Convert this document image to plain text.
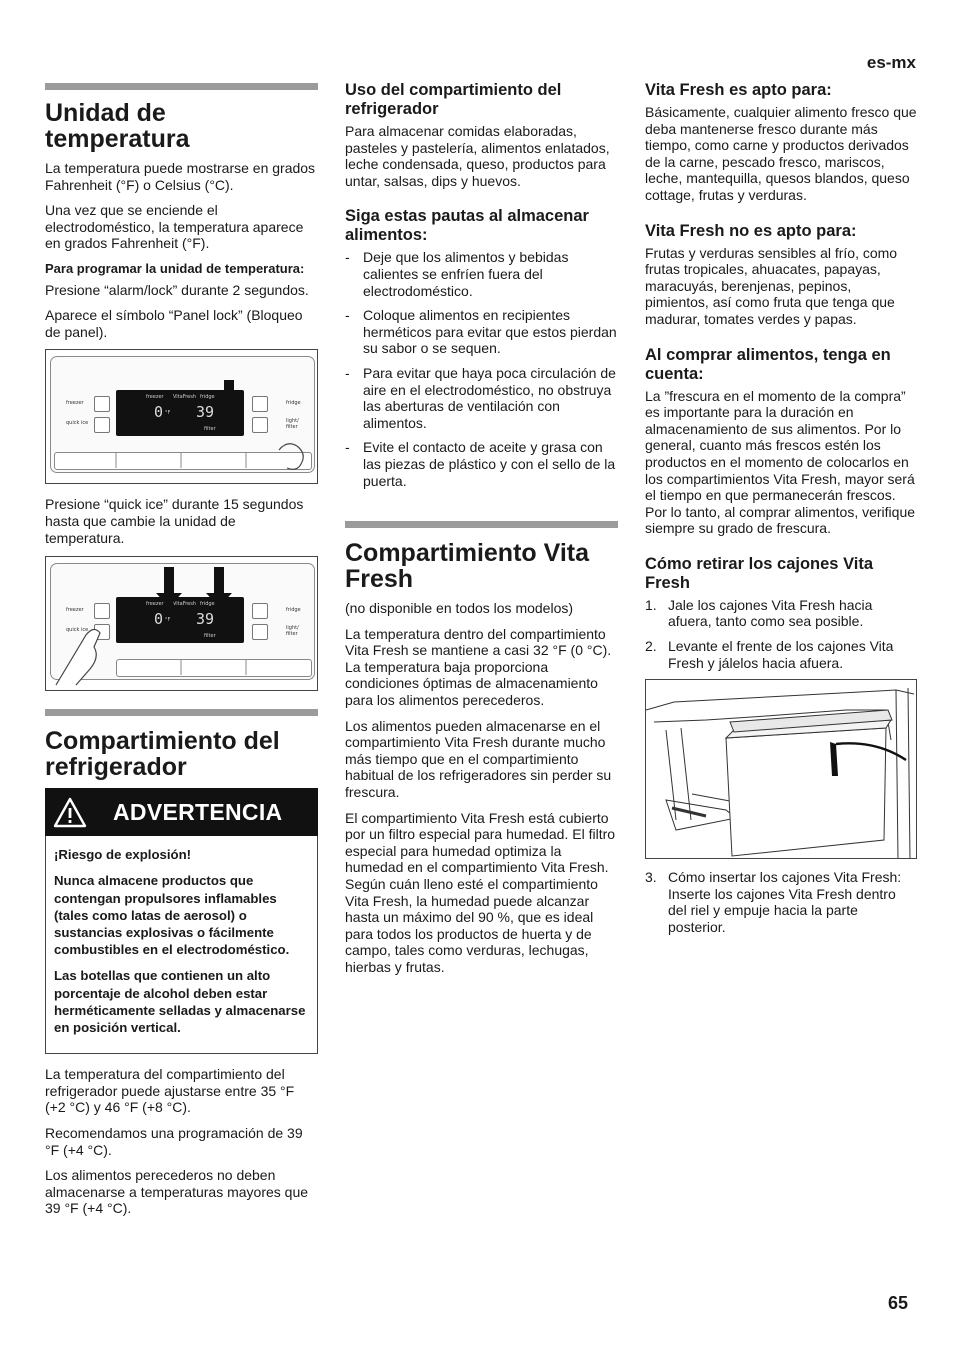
es-mx
Unidad de temperatura

La temperatura puede mostrarse en grados Fahrenheit (°F) o Celsius (°C).

Una vez que se enciende el electrodoméstico, la temperatura aparece en grados Fahrenheit (°F).

Para programar la unidad de temperatura:

Presione “alarm/lock” durante 2 segundos.

Aparece el símbolo “Panel lock” (Bloqueo de panel).

freezer
quick ice
fridge
light/ filter
0 °F 39
freezer VitaFresh fridge
filter

Presione “quick ice” durante 15 segundos hasta que cambie la unidad de temperatura.

freezer
quick ice
fridge
light/ filter
0 °F 39
freezer VitaFresh fridge
filter
Compartimiento del refrigerador
ADVERTENCIA

¡Riesgo de explosión!

Nunca almacene productos que contengan propulsores inflamables (tales como latas de aerosol) o sustancias explosivas o fácilmente combustibles en el electrodoméstico.

Las botellas que contienen un alto porcentaje de alcohol deben estar herméticamente selladas y almacenarse en posición vertical.

La temperatura del compartimiento del refrigerador puede ajustarse entre 35 °F (+2 °C) y 46 °F (+8 °C).

Recomendamos una programación de 39 °F (+4 °C).

Los alimentos perecederos no deben almacenarse a temperaturas mayores que 39 °F (+4 °C).

Uso del compartimiento del refrigerador

Para almacenar comidas elaboradas, pasteles y pastelería, alimentos enlatados, leche condensada, queso, productos para untar, salsas, dips y huevos.

Siga estas pautas al almacenar alimentos:
- Deje que los alimentos y bebidas calientes se enfríen fuera del electrodoméstico.
- Coloque alimentos en recipientes herméticos para evitar que estos pierdan su sabor o se sequen.
- Para evitar que haya poca circulación de aire en el electrodoméstico, no obstruya las aberturas de ventilación con alimentos.
- Evite el contacto de aceite y grasa con las piezas de plástico y con el sello de la puerta.
Compartimiento Vita Fresh

(no disponible en todos los modelos)

La temperatura dentro del compartimiento Vita Fresh se mantiene a casi 32 °F (0 °C). La temperatura baja proporciona condiciones óptimas de almacenamiento para los alimentos perecederos.

Los alimentos pueden almacenarse en el compartimiento Vita Fresh durante mucho más tiempo que en el compartimiento habitual de los refrigeradores sin perder su frescura.

El compartimiento Vita Fresh está cubierto por un filtro especial para humedad. El filtro especial para humedad optimiza la humedad en el compartimiento Vita Fresh. Según cuán lleno esté el compartimiento Vita Fresh, la humedad puede alcanzar hasta un máximo del 90 %, que es ideal para todos los productos de huerta y de campo, tales como verduras, lechugas, hierbas y frutas.

Vita Fresh es apto para:

Básicamente, cualquier alimento fresco que deba mantenerse fresco durante más tiempo, como carne y productos derivados de la carne, pescado fresco, mariscos, leche, mantequilla, quesos blandos, queso cottage, frutas y verduras.

Vita Fresh no es apto para:

Frutas y verduras sensibles al frío, como frutas tropicales, ahuacates, papayas, maracuyás, berenjenas, pepinos, pimientos, así como fruta que tenga que madurar, tomates verdes y papas.

Al comprar alimentos, tenga en cuenta:

La ”frescura en el momento de la compra” es importante para la duración en almacenamiento de sus alimentos. Por lo general, cuanto más frescos estén los productos en el momento de colocarlos en los compartimientos Vita Fresh, mayor será el tiempo en que permanecerán frescos. Por lo tanto, al comprar alimentos, verifique siempre su grado de frescura.

Cómo retirar los cajones Vita Fresh
1. Jale los cajones Vita Fresh hacia afuera, tanto como sea posible.
2. Levante el frente de los cajones Vita Fresh y jálelos hacia afuera.
3. Cómo insertar los cajones Vita Fresh: Inserte los cajones Vita Fresh dentro del riel y empuje hacia la parte posterior.
65
